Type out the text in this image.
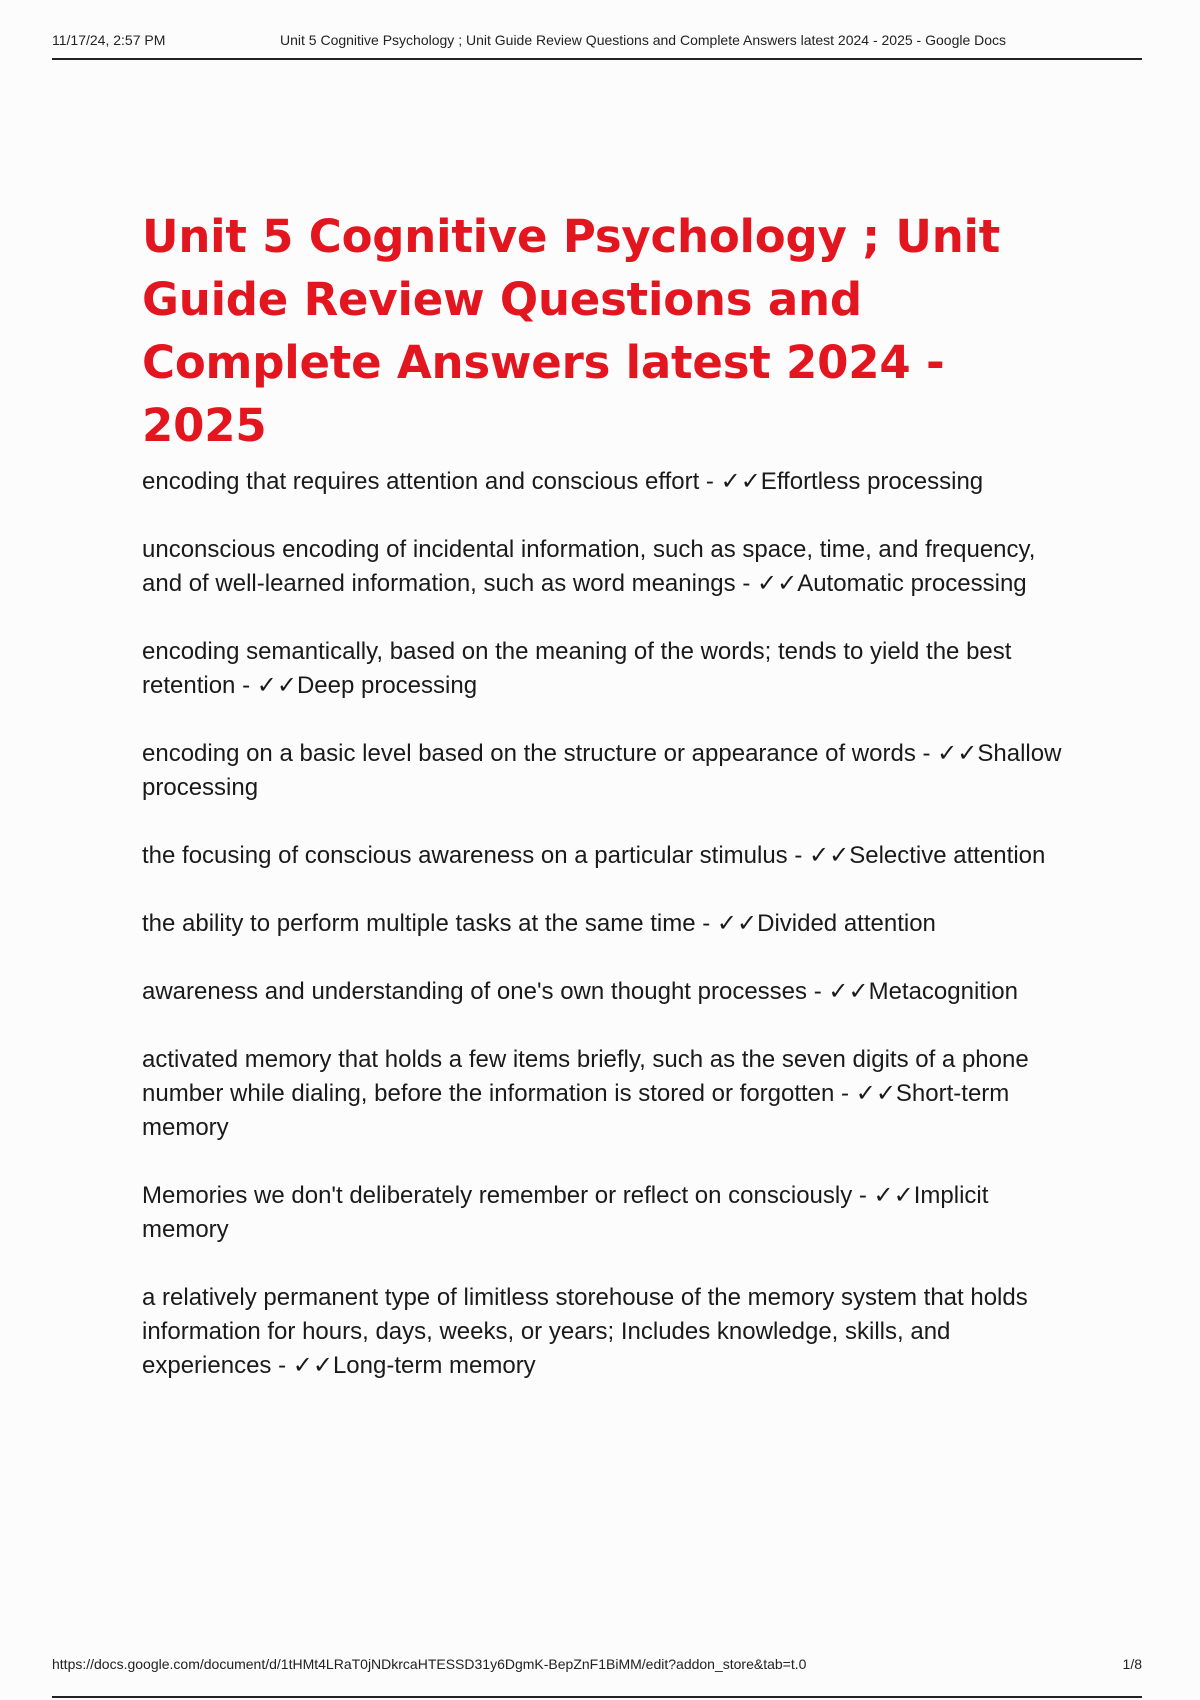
11/17/24, 2:57 PM	Unit 5 Cognitive Psychology ; Unit Guide Review Questions and Complete Answers latest 2024 - 2025 - Google Docs
Unit 5 Cognitive Psychology ; Unit Guide Review Questions and Complete Answers latest 2024 - 2025

encoding that requires attention and conscious effort - ✓✓Effortless processing

unconscious encoding of incidental information, such as space, time, and frequency, and of well-learned information, such as word meanings - ✓✓Automatic processing

encoding semantically, based on the meaning of the words; tends to yield the best retention - ✓✓Deep processing

encoding on a basic level based on the structure or appearance of words - ✓✓Shallow processing

the focusing of conscious awareness on a particular stimulus - ✓✓Selective attention

the ability to perform multiple tasks at the same time - ✓✓Divided attention

awareness and understanding of one's own thought processes - ✓✓Metacognition

activated memory that holds a few items briefly, such as the seven digits of a phone number while dialing, before the information is stored or forgotten - ✓✓Short-term memory

Memories we don't deliberately remember or reflect on consciously - ✓✓Implicit memory

a relatively permanent type of limitless storehouse of the memory system that holds information for hours, days, weeks, or years; Includes knowledge, skills, and experiences - ✓✓Long-term memory

https://docs.google.com/document/d/1tHMt4LRaT0jNDkrcaHTESSD31y6DgmK-BepZnF1BiMM/edit?addon_store&tab=t.0	1/8
